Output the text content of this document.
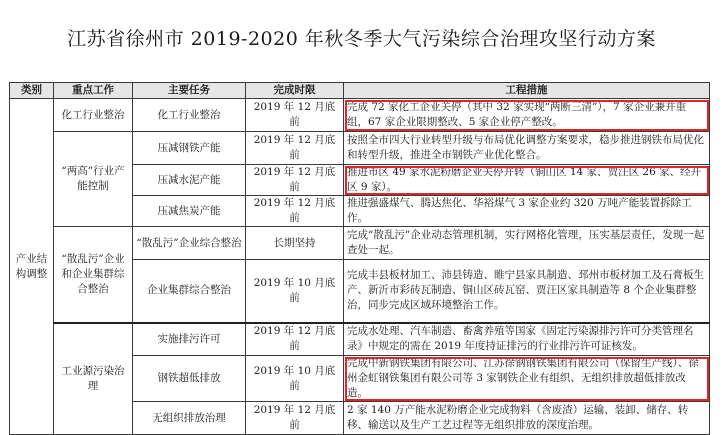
江苏省徐州市 2019-2020 年秋冬季大气污染综合治理攻坚行动方案
类别	重点工作	主要任务	完成时限	工程措施
产业结构调整	化工行业整治	化工行业整治	2019 年 12 月底前	完成 72 家化工企业关停（其中 32 家实现“两断三清”），7 家企业兼并重组，67 家企业限期整改、5 家企业停产整改。
	“两高”行业产能控制	压减钢铁产能	2019 年 12 月底前	按照全市四大行业转型升级与布局优化调整方案要求，稳步推进钢铁布局优化和转型升级，推进全市钢铁产业优化整合。
		压减水泥产能	2019 年 12 月底前	推进市区 49 家水泥粉磨企业关停并转（铜山区 14 家、贾汪区 26 家、经开区 9 家）。
		压减焦炭产能	2019 年 12 月底前	推进强盛煤气、腾达焦化、华裕煤气 3 家企业约 320 万吨产能装置拆除工作。
	“散乱污”企业和企业集群综合整治	“散乱污”企业综合整治	长期坚持	完成“散乱污”企业动态管理机制，实行网格化管理，压实基层责任，发现一起查处一起。
		企业集群综合整治	2019 年 10 月底前	完成丰县板材加工、沛县铸造、睢宁县家具制造、邳州市板材加工及石膏板生产、新沂市彩砖瓦制造、铜山区砖瓦窑、贾汪区家具制造等 8 个企业集群整治，同步完成区域环境整治工作。
	工业源污染治理	实施排污许可	2019 年 12 月底前	完成水处理、汽车制造、畜禽养殖等国家《固定污染源排污许可分类管理名录》中规定的需在 2019 年度持证排污的行业排污许可证核发。
		钢铁超低排放	2019 年 10 月底前	完成中新钢铁集团有限公司、江苏徐钢钢铁集团有限公司（保留生产线）、徐州金虹钢铁集团有限公司等 3 家钢铁企业有组织、无组织排放超低排放改造。
		无组织排放治理	2019 年 12 月底前	2 家 140 万产能水泥粉磨企业完成物料（含废渣）运输、装卸、储存、转移、输送以及生产工艺过程等无组织排放的深度治理。
